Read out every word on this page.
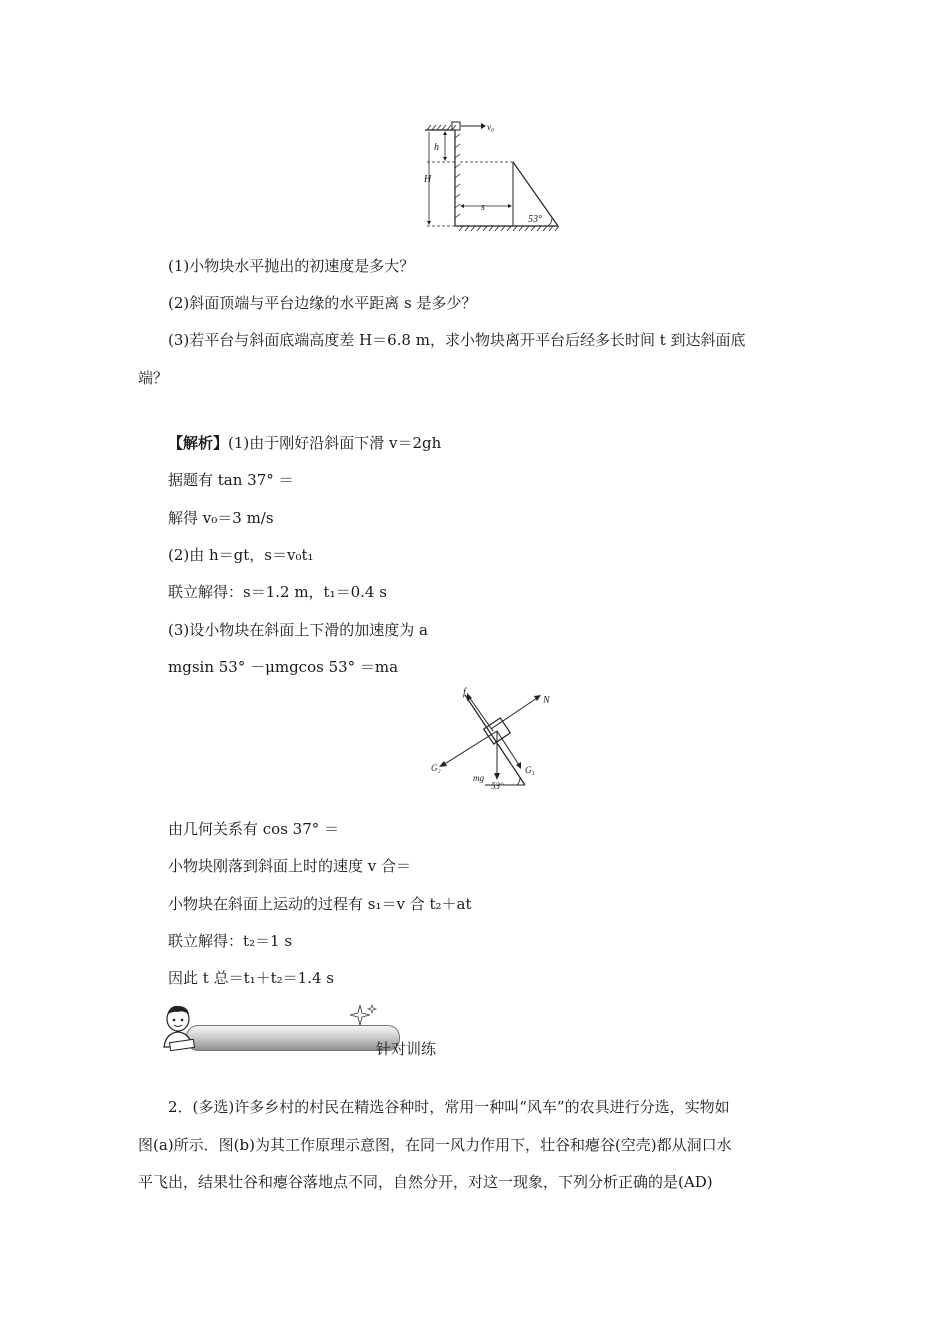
v₀
h
H
s
53°
(1)小物块水平抛出的初速度是多大？
(2)斜面顶端与平台边缘的水平距离 s 是多少？
(3)若平台与斜面底端高度差 H＝6.8 m，求小物块离开平台后经多长时间 t 到达斜面底
端？
【解析】(1)由于刚好沿斜面下滑 v＝2gh
据题有 tan 37° ＝
解得 v₀＝3 m/s
(2)由 h＝gt，s＝v₀t₁
联立解得：s＝1.2 m，t₁＝0.4 s
(3)设小物块在斜面上下滑的加速度为 a
mgsin 53° －μmgcos 53° ＝ma
N
f
G₂	G₁
mg
53°
由几何关系有 cos 37° ＝
小物块刚落到斜面上时的速度 v 合＝
小物块在斜面上运动的过程有 s₁＝v 合 t₂＋at
联立解得：t₂＝1 s
因此 t 总＝t₁＋t₂＝1.4 s
针对训练
2．(多选)许多乡村的村民在精选谷种时，常用一种叫“风车”的农具进行分选，实物如
图(a)所示．图(b)为其工作原理示意图，在同一风力作用下，壮谷和瘪谷(空壳)都从洞口水
平飞出，结果壮谷和瘪谷落地点不同，自然分开，对这一现象，下列分析正确的是(AD)
